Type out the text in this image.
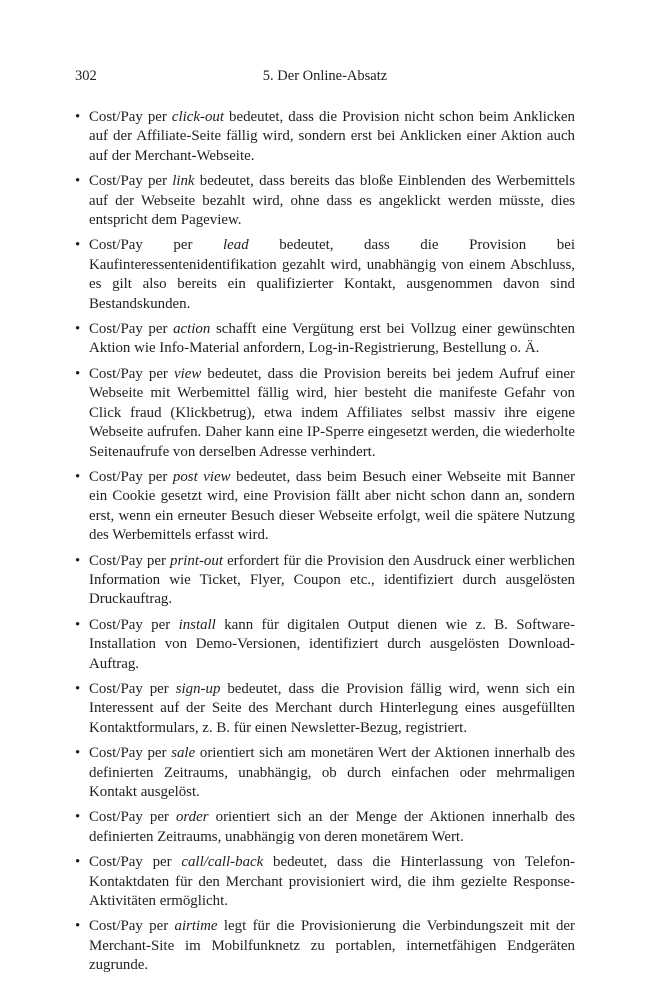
302	5. Der Online-Absatz
• Cost/Pay per click-out bedeutet, dass die Provision nicht schon beim Anklicken auf der Affiliate-Seite fällig wird, sondern erst bei Anklicken einer Aktion auch auf der Merchant-Webseite.
• Cost/Pay per link bedeutet, dass bereits das bloße Einblenden des Werbemittels auf der Webseite bezahlt wird, ohne dass es angeklickt werden müsste, dies entspricht dem Pageview.
• Cost/Pay per lead bedeutet, dass die Provision bei Kaufinteressentenidentifikation gezahlt wird, unabhängig von einem Abschluss, es gilt also bereits ein qualifizierter Kontakt, ausgenommen davon sind Bestandskunden.
• Cost/Pay per action schafft eine Vergütung erst bei Vollzug einer gewünschten Aktion wie Info-Material anfordern, Log-in-Registrierung, Bestellung o. Ä.
• Cost/Pay per view bedeutet, dass die Provision bereits bei jedem Aufruf einer Webseite mit Werbemittel fällig wird, hier besteht die manifeste Gefahr von Click fraud (Klickbetrug), etwa indem Affiliates selbst massiv ihre eigene Webseite aufrufen. Daher kann eine IP-Sperre eingesetzt werden, die wiederholte Seitenaufrufe von derselben Adresse verhindert.
• Cost/Pay per post view bedeutet, dass beim Besuch einer Webseite mit Banner ein Cookie gesetzt wird, eine Provision fällt aber nicht schon dann an, sondern erst, wenn ein erneuter Besuch dieser Webseite erfolgt, weil die spätere Nutzung des Werbemittels erfasst wird.
• Cost/Pay per print-out erfordert für die Provision den Ausdruck einer werblichen Information wie Ticket, Flyer, Coupon etc., identifiziert durch ausgelösten Druckauftrag.
• Cost/Pay per install kann für digitalen Output dienen wie z. B. Software-Installation von Demo-Versionen, identifiziert durch ausgelösten Download-Auftrag.
• Cost/Pay per sign-up bedeutet, dass die Provision fällig wird, wenn sich ein Interessent auf der Seite des Merchant durch Hinterlegung eines ausgefüllten Kontaktformulars, z. B. für einen Newsletter-Bezug, registriert.
• Cost/Pay per sale orientiert sich am monetären Wert der Aktionen innerhalb des definierten Zeitraums, unabhängig, ob durch einfachen oder mehrmaligen Kontakt ausgelöst.
• Cost/Pay per order orientiert sich an der Menge der Aktionen innerhalb des definierten Zeitraums, unabhängig von deren monetärem Wert.
• Cost/Pay per call/call-back bedeutet, dass die Hinterlassung von Telefon-Kontaktdaten für den Merchant provisioniert wird, die ihm gezielte Response-Aktivitäten ermöglicht.
• Cost/Pay per airtime legt für die Provisionierung die Verbindungszeit mit der Merchant-Site im Mobilfunknetz zu portablen, internetfähigen Endgeräten zugrunde.
